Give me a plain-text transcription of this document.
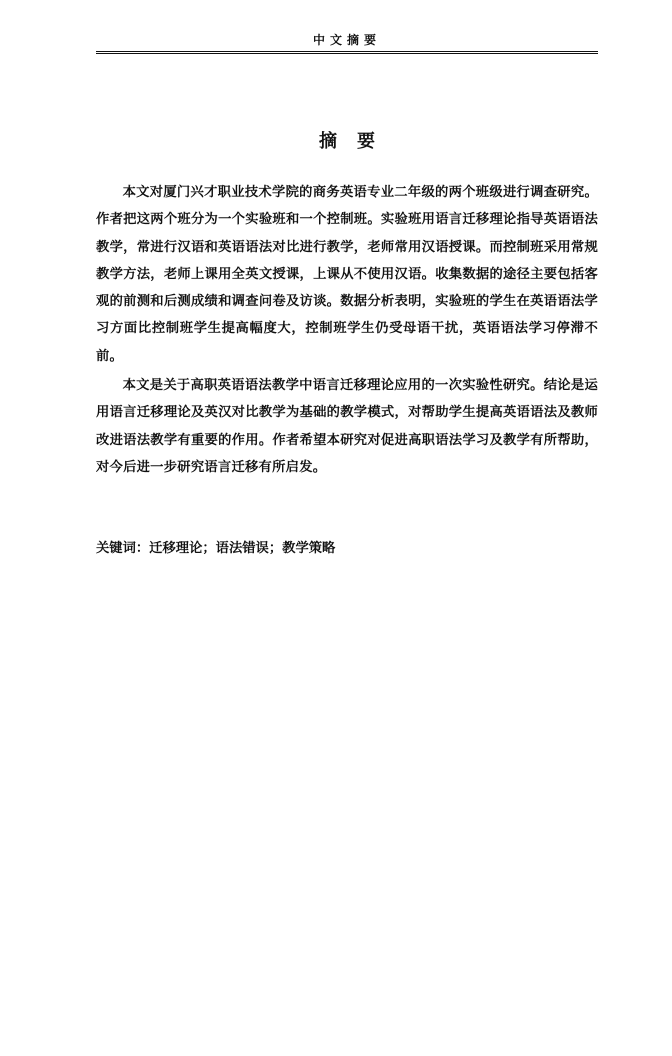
中文摘要
摘要

本文对厦门兴才职业技术学院的商务英语专业二年级的两个班级进行调查研究。作者把这两个班分为一个实验班和一个控制班。实验班用语言迁移理论指导英语语法教学，常进行汉语和英语语法对比进行教学，老师常用汉语授课。而控制班采用常规教学方法，老师上课用全英文授课，上课从不使用汉语。收集数据的途径主要包括客观的前测和后测成绩和调查问卷及访谈。数据分析表明，实验班的学生在英语语法学习方面比控制班学生提高幅度大，控制班学生仍受母语干扰，英语语法学习停滞不前。

本文是关于高职英语语法教学中语言迁移理论应用的一次实验性研究。结论是运用语言迁移理论及英汉对比教学为基础的教学模式，对帮助学生提高英语语法及教师改进语法教学有重要的作用。作者希望本研究对促进高职语法学习及教学有所帮助，对今后进一步研究语言迁移有所启发。

关键词：迁移理论；语法错误；教学策略
